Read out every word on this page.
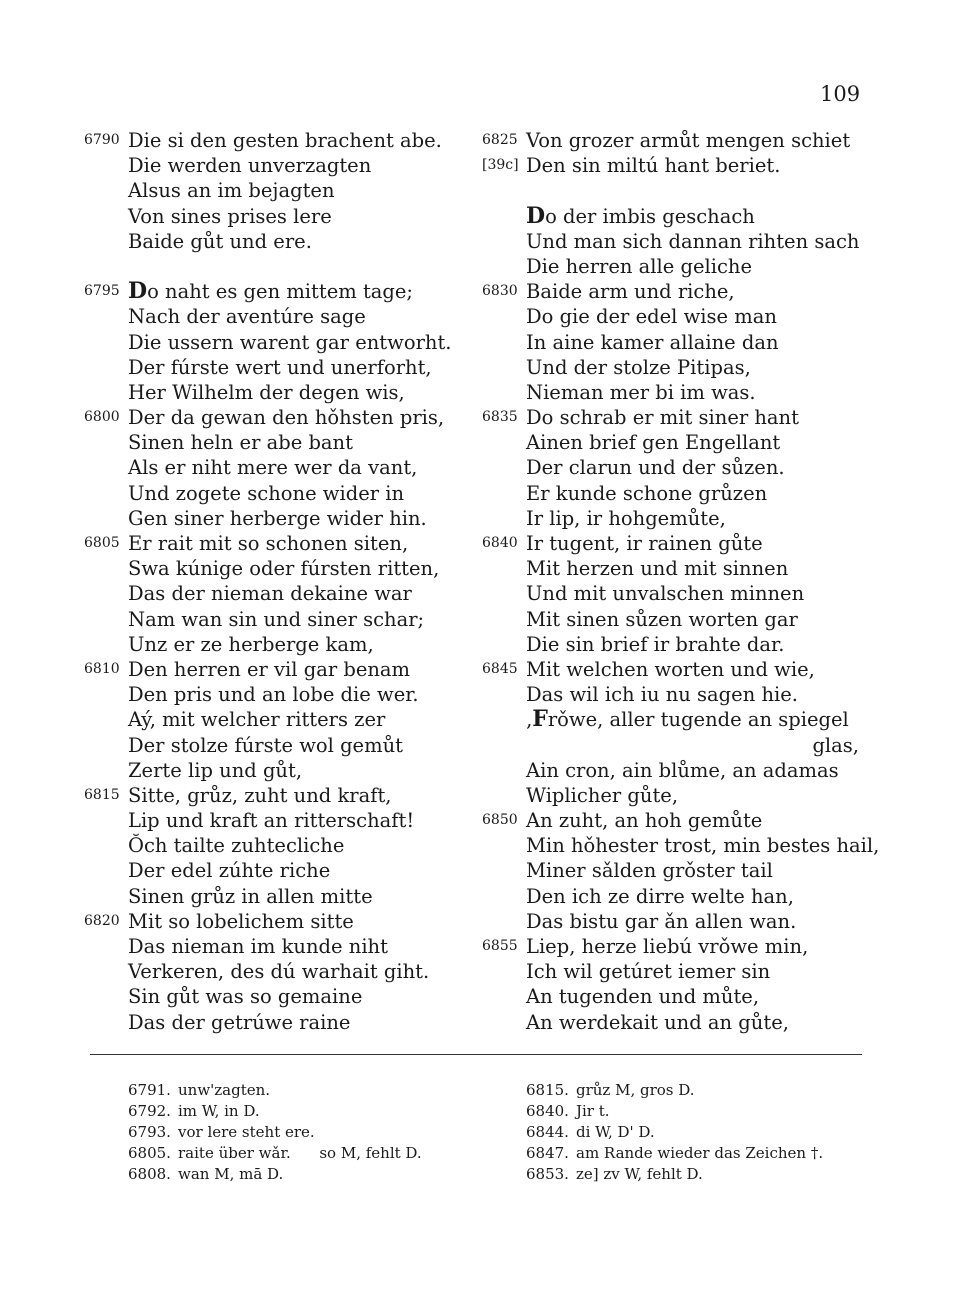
109
6790 Die si den gesten brachent abe.
Die werden unverzagten
Alsus an im bejagten
Von sines prises lere
Baide gůt und ere.
6795 Do naht es gen mittem tage;
Nach der aventúre sage
Die ussern warent gar entworht.
Der fúrste wert und unerforht,
Her Wilhelm der degen wis,
6800 Der da gewan den hǒhsten pris,
Sinen heln er abe bant
Als er niht mere wer da vant,
Und zogete schone wider in
Gen siner herberge wider hin.
6805 Er rait mit so schonen siten,
Swa kúnige oder fúrsten ritten,
Das der nieman dekaine war
Nam wan sin und siner schar;
Unz er ze herberge kam,
6810 Den herren er vil gar benam
Den pris und an lobe die wer.
Aý, mit welcher ritters zer
Der stolze fúrste wol gemůt
Zerte lip und gůt,
6815 Sitte, grůz, zuht und kraft,
Lip und kraft an ritterschaft!
Ŏch tailte zuhtecliche
Der edel zúhte riche
Sinen grůz in allen mitte
6820 Mit so lobelichem sitte
Das nieman im kunde niht
Verkeren, des dú warhait giht.
Sin gůt was so gemaine
Das der getrúwe raine
6825 Von grozer armůt mengen schiet
[39c] Den sin miltú hant beriet.
Do der imbis geschach
Und man sich dannan rihten sach
Die herren alle geliche
6830 Baide arm und riche,
Do gie der edel wise man
In aine kamer allaine dan
Und der stolze Pitipas,
Nieman mer bi im was.
6835 Do schrab er mit siner hant
Ainen brief gen Engellant
Der clarun und der sůzen.
Er kunde schone grůzen
Ir lip, ir hohgemůte,
6840 Ir tugent, ir rainen gůte
Mit herzen und mit sinnen
Und mit unvalschen minnen
Mit sinen sůzen worten gar
Die sin brief ir brahte dar.
6845 Mit welchen worten und wie,
Das wil ich iu nu sagen hie.
‚Frǒwe, aller tugende an spiegel
glas,
Ain cron, ain blůme, an adamas
Wiplicher gůte,
6850 An zuht, an hoh gemůte
Min hǒhester trost, min bestes hail,
Miner sǎlden grǒster tail
Den ich ze dirre welte han,
Das bistu gar ǎn allen wan.
6855 Liep, herze liebú vrǒwe min,
Ich wil getúret iemer sin
An tugenden und můte,
An werdekait und an gůte,
6791. unw'zagten.
6792. im W, in D.
6793. vor lere steht ere.
6805. raite über wǎr.      so M, fehlt D.
6808. wan M, mā D.
6815. grůz M, gros D.
6840. Jir t.
6844. di W, D' D.
6847. am Rande wieder das Zeichen †.
6853. ze] zv W, fehlt D.
